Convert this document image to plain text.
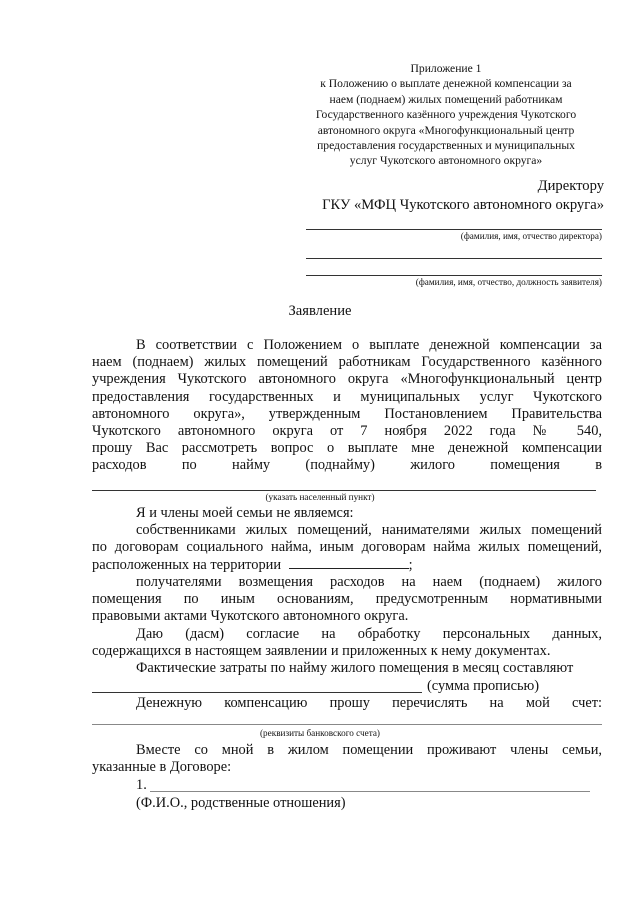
Приложение 1
к Положению о выплате денежной компенсации за
наем (поднаем) жилых помещений работникам
Государственного казённого учреждения Чукотского
автономного округа «Многофункциональный центр
предоставления государственных и муниципальных
услуг Чукотского автономного округа»
Директору
ГКУ «МФЦ Чукотского автономного округа»
(фамилия, имя, отчество директора)
(фамилия, имя, отчество, должность заявителя)
Заявление
В соответствии с Положением о выплате денежной компенсации за
наем (поднаем) жилых помещений работникам Государственного казённого
учреждения Чукотского автономного округа «Многофункциональный центр
предоставления государственных и муниципальных услуг Чукотского
автономного округа», утвержденным Постановлением Правительства
Чукотского автономного округа от 7 ноября 2022 года № 540,
прошу Вас рассмотреть вопрос о выплате мне денежной компенсации
расходов по найму (поднайму) жилого помещения в
(указать населенный пункт)
Я и члены моей семьи не являемся:
собственниками жилых помещений, нанимателями жилых помещений
по договорам социального найма, иным договорам найма жилых помещений,
расположенных на территории	;
получателями возмещения расходов на наем (поднаем) жилого
помещения по иным основаниям, предусмотренным нормативными
правовыми актами Чукотского автономного округа.
Даю (дасм) согласие на обработку персональных данных,
содержащихся в настоящем заявлении и приложенных к нему документах.
Фактические затраты по найму жилого помещения в месяц составляют
(сумма прописью)
Денежную компенсацию прошу перечислять на мой счет:
(реквизиты банковского счета)
Вместе со мной в жилом помещении проживают члены семьи,
указанные в Договоре:
1.
(Ф.И.О., родственные отношения)
